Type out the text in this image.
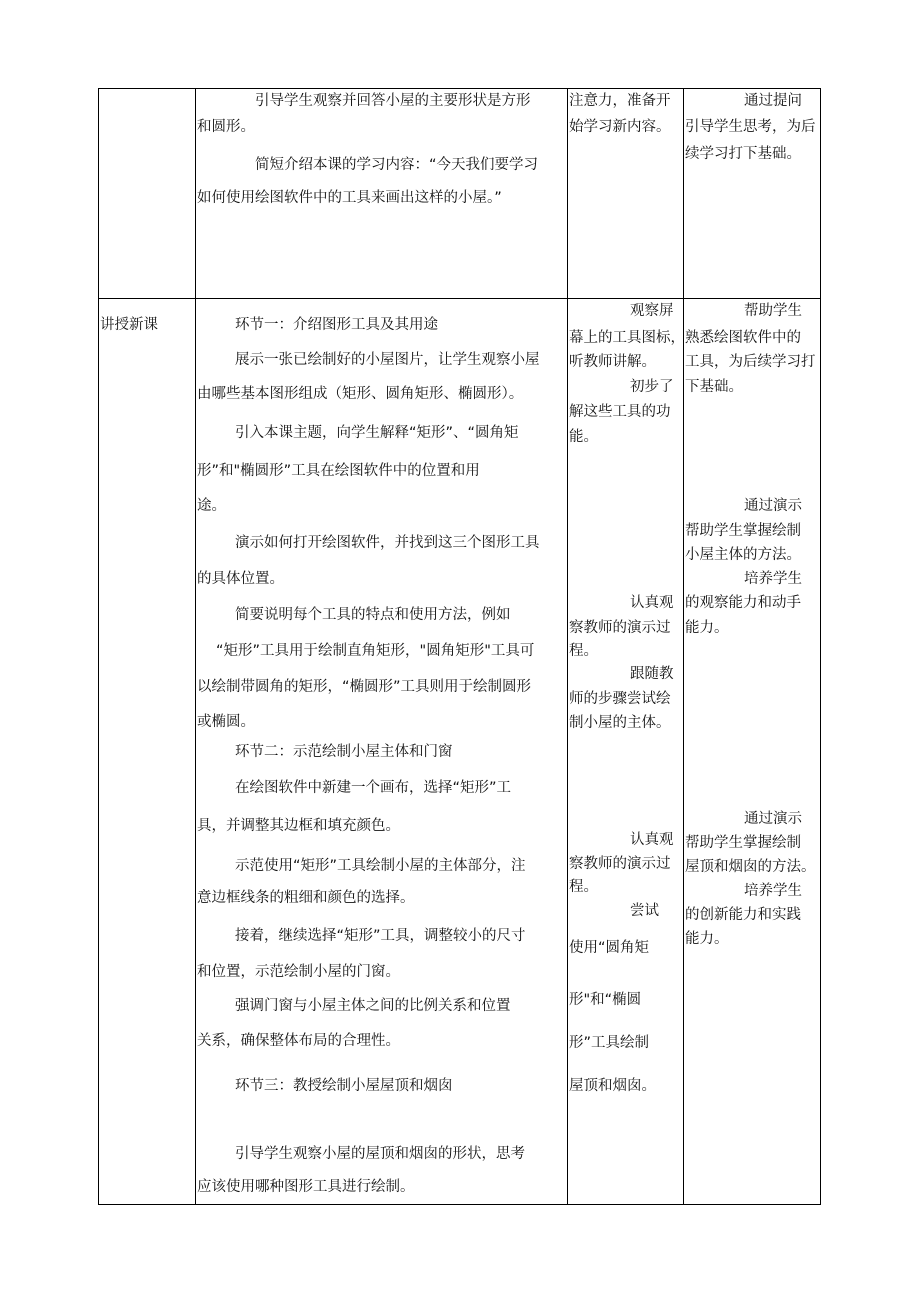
引导学生观察并回答小屋的主要形状是方形
和圆形。
简短介绍本课的学习内容：“今天我们要学习
如何使用绘图软件中的工具来画出这样的小屋。”
注意力，准备开
始学习新内容。
通过提问
引导学生思考，为后
续学习打下基础。
讲授新课	环节一：介绍图形工具及其用途
展示一张已绘制好的小屋图片，让学生观察小屋
由哪些基本图形组成（矩形、圆角矩形、椭圆形）。
引入本课主题，向学生解释“矩形”、“圆角矩
形”和"椭圆形”工具在绘图软件中的位置和用
途。
演示如何打开绘图软件，并找到这三个图形工具
的具体位置。
简要说明每个工具的特点和使用方法，例如
“矩形”工具用于绘制直角矩形，"圆角矩形"工具可
以绘制带圆角的矩形，“椭圆形”工具则用于绘制圆形
或椭圆。
环节二：示范绘制小屋主体和门窗
在绘图软件中新建一个画布，选择“矩形”工
具，并调整其边框和填充颜色。
示范使用“矩形”工具绘制小屋的主体部分，注
意边框线条的粗细和颜色的选择。
接着，继续选择“矩形”工具，调整较小的尺寸
和位置，示范绘制小屋的门窗。
强调门窗与小屋主体之间的比例关系和位置
关系，确保整体布局的合理性。
环节三：教授绘制小屋屋顶和烟囱
引导学生观察小屋的屋顶和烟囱的形状，思考
应该使用哪种图形工具进行绘制。
观察屏
幕上的工具图标，
听教师讲解。
初步了
解这些工具的功
能。
认真观
察教师的演示过
程。
跟随教
师的步骤尝试绘
制小屋的主体。
认真观
察教师的演示过
程。
尝试
使用“圆角矩
形"和“椭圆
形”工具绘制
屋顶和烟囱。
帮助学生
熟悉绘图软件中的
工具，为后续学习打
下基础。
通过演示
帮助学生掌握绘制
小屋主体的方法。
培养学生
的观察能力和动手
能力。
通过演示
帮助学生掌握绘制
屋顶和烟囱的方法。
培养学生
的创新能力和实践
能力。
